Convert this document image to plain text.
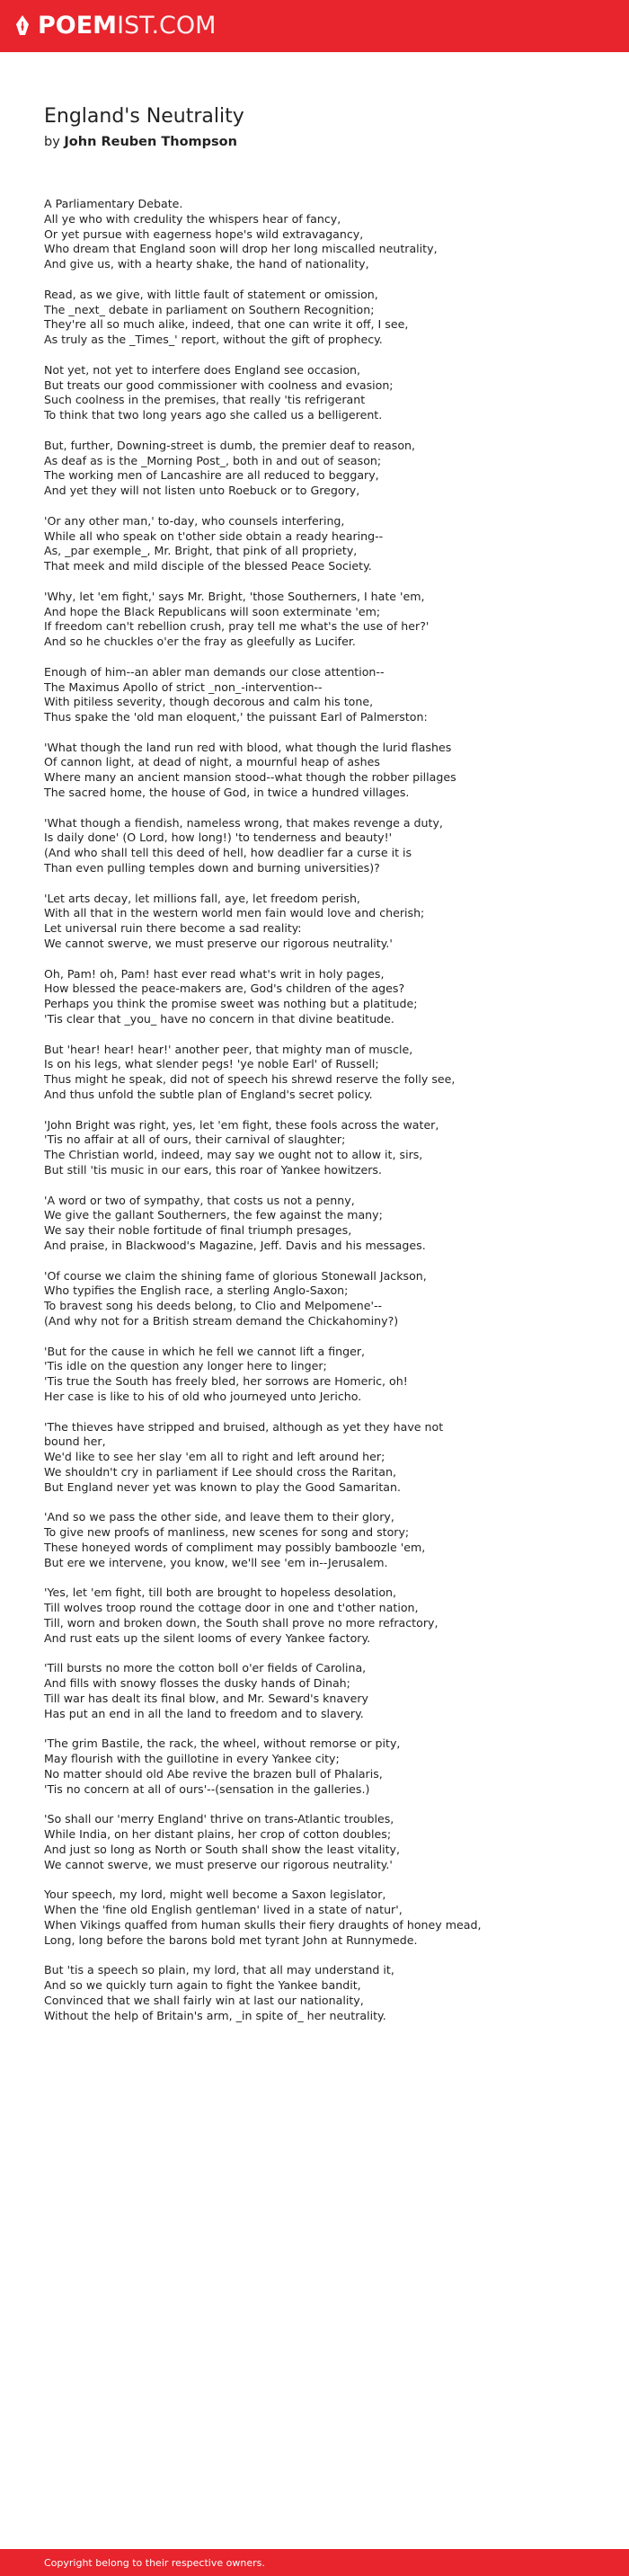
POEMIST.COM
England's Neutrality
by John Reuben Thompson
A Parliamentary Debate.
All ye who with credulity the whispers hear of fancy,
Or yet pursue with eagerness hope's wild extravagancy,
Who dream that England soon will drop her long miscalled neutrality,
And give us, with a hearty shake, the hand of nationality,
Read, as we give, with little fault of statement or omission,
The _next_ debate in parliament on Southern Recognition;
They're all so much alike, indeed, that one can write it off, I see,
As truly as the _Times_' report, without the gift of prophecy.
Not yet, not yet to interfere does England see occasion,
But treats our good commissioner with coolness and evasion;
Such coolness in the premises, that really 'tis refrigerant
To think that two long years ago she called us a belligerent.
But, further, Downing-street is dumb, the premier deaf to reason,
As deaf as is the _Morning Post_, both in and out of season;
The working men of Lancashire are all reduced to beggary,
And yet they will not listen unto Roebuck or to Gregory,
'Or any other man,' to-day, who counsels interfering,
While all who speak on t'other side obtain a ready hearing--
As, _par exemple_, Mr. Bright, that pink of all propriety,
That meek and mild disciple of the blessed Peace Society.
'Why, let 'em fight,' says Mr. Bright, 'those Southerners, I hate 'em,
And hope the Black Republicans will soon exterminate 'em;
If freedom can't rebellion crush, pray tell me what's the use of her?'
And so he chuckles o'er the fray as gleefully as Lucifer.
Enough of him--an abler man demands our close attention--
The Maximus Apollo of strict _non_-intervention--
With pitiless severity, though decorous and calm his tone,
Thus spake the 'old man eloquent,' the puissant Earl of Palmerston:
'What though the land run red with blood, what though the lurid flashes
Of cannon light, at dead of night, a mournful heap of ashes
Where many an ancient mansion stood--what though the robber pillages
The sacred home, the house of God, in twice a hundred villages.
'What though a fiendish, nameless wrong, that makes revenge a duty,
Is daily done' (O Lord, how long!) 'to tenderness and beauty!'
(And who shall tell this deed of hell, how deadlier far a curse it is
Than even pulling temples down and burning universities)?
'Let arts decay, let millions fall, aye, let freedom perish,
With all that in the western world men fain would love and cherish;
Let universal ruin there become a sad reality:
We cannot swerve, we must preserve our rigorous neutrality.'
Oh, Pam! oh, Pam! hast ever read what's writ in holy pages,
How blessed the peace-makers are, God's children of the ages?
Perhaps you think the promise sweet was nothing but a platitude;
'Tis clear that _you_ have no concern in that divine beatitude.
But 'hear! hear! hear!' another peer, that mighty man of muscle,
Is on his legs, what slender pegs! 'ye noble Earl' of Russell;
Thus might he speak, did not of speech his shrewd reserve the folly see,
And thus unfold the subtle plan of England's secret policy.
'John Bright was right, yes, let 'em fight, these fools across the water,
'Tis no affair at all of ours, their carnival of slaughter;
The Christian world, indeed, may say we ought not to allow it, sirs,
But still 'tis music in our ears, this roar of Yankee howitzers.
'A word or two of sympathy, that costs us not a penny,
We give the gallant Southerners, the few against the many;
We say their noble fortitude of final triumph presages,
And praise, in Blackwood's Magazine, Jeff. Davis and his messages.
'Of course we claim the shining fame of glorious Stonewall Jackson,
Who typifies the English race, a sterling Anglo-Saxon;
To bravest song his deeds belong, to Clio and Melpomene'--
(And why not for a British stream demand the Chickahominy?)
'But for the cause in which he fell we cannot lift a finger,
'Tis idle on the question any longer here to linger;
'Tis true the South has freely bled, her sorrows are Homeric, oh!
Her case is like to his of old who journeyed unto Jericho.
'The thieves have stripped and bruised, although as yet they have not
bound her,
We'd like to see her slay 'em all to right and left around her;
We shouldn't cry in parliament if Lee should cross the Raritan,
But England never yet was known to play the Good Samaritan.
'And so we pass the other side, and leave them to their glory,
To give new proofs of manliness, new scenes for song and story;
These honeyed words of compliment may possibly bamboozle 'em,
But ere we intervene, you know, we'll see 'em in--Jerusalem.
'Yes, let 'em fight, till both are brought to hopeless desolation,
Till wolves troop round the cottage door in one and t'other nation,
Till, worn and broken down, the South shall prove no more refractory,
And rust eats up the silent looms of every Yankee factory.
'Till bursts no more the cotton boll o'er fields of Carolina,
And fills with snowy flosses the dusky hands of Dinah;
Till war has dealt its final blow, and Mr. Seward's knavery
Has put an end in all the land to freedom and to slavery.
'The grim Bastile, the rack, the wheel, without remorse or pity,
May flourish with the guillotine in every Yankee city;
No matter should old Abe revive the brazen bull of Phalaris,
'Tis no concern at all of ours'--(sensation in the galleries.)
'So shall our 'merry England' thrive on trans-Atlantic troubles,
While India, on her distant plains, her crop of cotton doubles;
And just so long as North or South shall show the least vitality,
We cannot swerve, we must preserve our rigorous neutrality.'
Your speech, my lord, might well become a Saxon legislator,
When the 'fine old English gentleman' lived in a state of natur',
When Vikings quaffed from human skulls their fiery draughts of honey mead,
Long, long before the barons bold met tyrant John at Runnymede.
But 'tis a speech so plain, my lord, that all may understand it,
And so we quickly turn again to fight the Yankee bandit,
Convinced that we shall fairly win at last our nationality,
Without the help of Britain's arm, _in spite of_ her neutrality.
Copyright belong to their respective owners.
